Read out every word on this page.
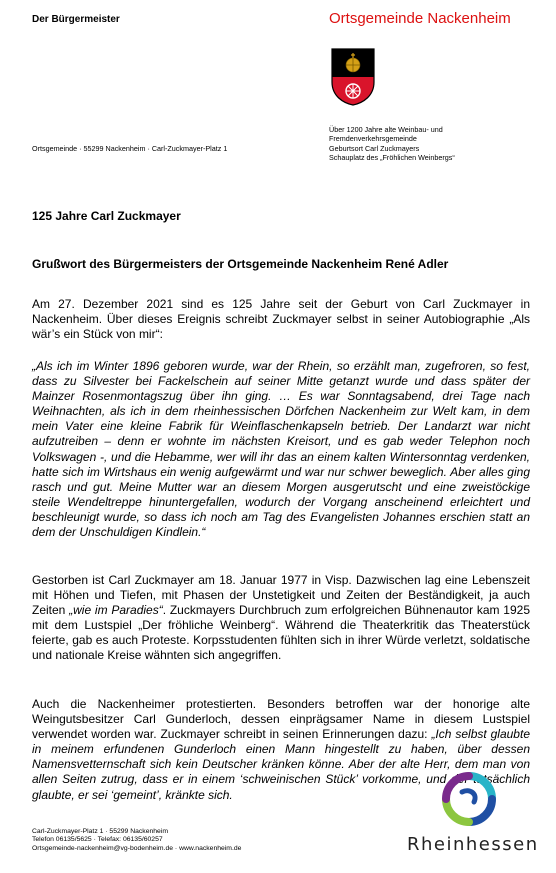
Der Bürgermeister	Ortsgemeinde Nackenheim
Über 1200 Jahre alte Weinbau- und
Fremdenverkehrsgemeinde
Geburtsort Carl Zuckmayers
Schauplatz des „Fröhlichen Weinbergs“
Ortsgemeinde · 55299 Nackenheim · Carl-Zuckmayer-Platz 1
125 Jahre Carl Zuckmayer
Grußwort des Bürgermeisters der Ortsgemeinde Nackenheim René Adler

Am 27. Dezember 2021 sind es 125 Jahre seit der Geburt von Carl Zuckmayer in Nackenheim. Über dieses Ereignis schreibt Zuckmayer selbst in seiner Autobiographie „Als wär’s ein Stück von mir“:

„Als ich im Winter 1896 geboren wurde, war der Rhein, so erzählt man, zugefroren, so fest, dass zu Silvester bei Fackelschein auf seiner Mitte getanzt wurde und dass später der Mainzer Rosenmontagszug über ihn ging. … Es war Sonntagsabend, drei Tage nach Weihnachten, als ich in dem rheinhessischen Dörfchen Nackenheim zur Welt kam, in dem mein Vater eine kleine Fabrik für Weinflaschenkapseln betrieb. Der Landarzt war nicht aufzutreiben – denn er wohnte im nächsten Kreisort, und es gab weder Telephon noch Volkswagen -, und die Hebamme, wer will ihr das an einem kalten Wintersonntag verdenken, hatte sich im Wirtshaus ein wenig aufgewärmt und war nur schwer beweglich. Aber alles ging rasch und gut. Meine Mutter war an diesem Morgen ausgerutscht und eine zweistöckige steile Wendeltreppe hinuntergefallen, wodurch der Vorgang anscheinend erleichtert und beschleunigt wurde, so dass ich noch am Tag des Evangelisten Johannes erschien statt an dem der Unschuldigen Kindlein.“

Gestorben ist Carl Zuckmayer am 18. Januar 1977 in Visp. Dazwischen lag eine Lebenszeit mit Höhen und Tiefen, mit Phasen der Unstetigkeit und Zeiten der Beständigkeit, ja auch Zeiten „wie im Paradies“. Zuckmayers Durchbruch zum erfolgreichen Bühnenautor kam 1925 mit dem Lustspiel „Der fröhliche Weinberg“. Während die Theaterkritik das Theaterstück feierte, gab es auch Proteste. Korpsstudenten fühlten sich in ihrer Würde verletzt, soldatische und nationale Kreise wähnten sich angegriffen.

Auch die Nackenheimer protestierten. Besonders betroffen war der honorige alte Weingutsbesitzer Carl Gunderloch, dessen einprägsamer Name in diesem Lustspiel verwendet worden war. Zuckmayer schreibt in seinen Erinnerungen dazu: „Ich selbst glaubte in meinem erfundenen Gunderloch einen Mann hingestellt zu haben, über dessen Namensvetternschaft sich kein Deutscher kränken könne. Aber der alte Herr, dem man von allen Seiten zutrug, dass er in einem ‘schweinischen Stück’ vorkomme, und der tatsächlich glaubte, er sei ‘gemeint’, kränkte sich.

Carl-Zuckmayer-Platz 1 · 55299 Nackenheim
Telefon 06135/5625 · Telefax: 06135/60257
Ortsgemeinde-nackenheim@vg-bodenheim.de · www.nackenheim.de	Rheinhessen
